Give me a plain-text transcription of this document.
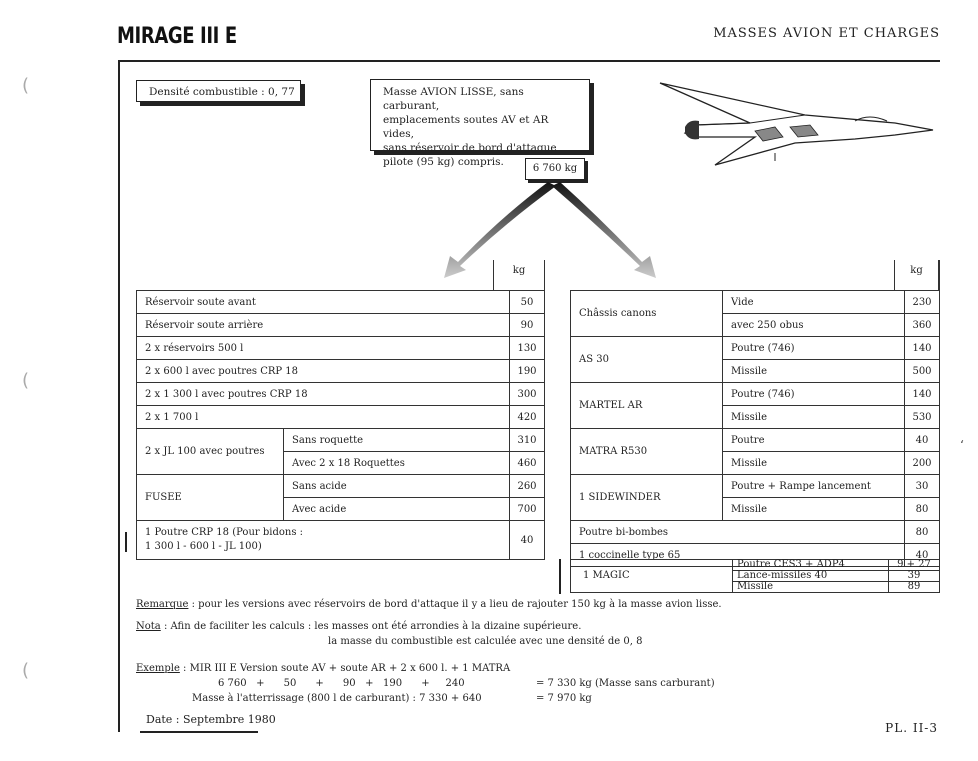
MIRAGE III E	MASSES AVION ET CHARGES
(
(
(
ʻ
Densité combustible : 0, 77	Masse AVION LISSE, sans carburant,
emplacements soutes AV et AR vides,
sans réservoir de bord d'attaque,
pilote (95 kg) compris.
6 760 kg
kg	kg
Réservoir soute avant		50
Réservoir soute arrière		90
2 x réservoirs 500 l		130
2 x 600 l avec poutres CRP 18		190
2 x 1 300 l avec poutres CRP 18		300
2 x 1 700 l		420
2 x JL 100 avec poutres	Sans roquette	310
	Avec 2 x 18 Roquettes	460
FUSEE	Sans acide	260
	Avec acide	700

1 Poutre CRP 18 (Pour bidons :
1 300 l - 600 l - JL 100)		40
Châssis canons	Vide	230
	avec 250 obus	360
AS 30	Poutre (746)	140
	Missile	500
MARTEL AR	Poutre (746)	140
	Missile	530
MATRA R530	Poutre	40
	Missile	200
1 SIDEWINDER	Poutre + Rampe lancement	30
	Missile	80
Poutre bi-bombes		80
1 coccinelle type 65		40
1 MAGIC	Poutre CES3 + ADP4	9 + 27
	Lance-missiles 40	39
	Missile	89
Remarque : pour les versions avec réservoirs de bord d'attaque il y a lieu de rajouter 150 kg à la masse avion lisse.
Nota : Afin de faciliter les calculs : les masses ont été arrondies à la dizaine supérieure.
la masse du combustible est calculée avec une densité de 0, 8
Exemple : MIR III E Version soute AV + soute AR + 2 x 600 l. + 1 MATRA
6 760   +      50      +      90   +   190      +     240	= 7 330 kg (Masse sans carburant)
Masse à l'atterrissage (800 l de carburant) : 7 330 + 640	= 7 970 kg
Date : Septembre 1980
PL. II-3
